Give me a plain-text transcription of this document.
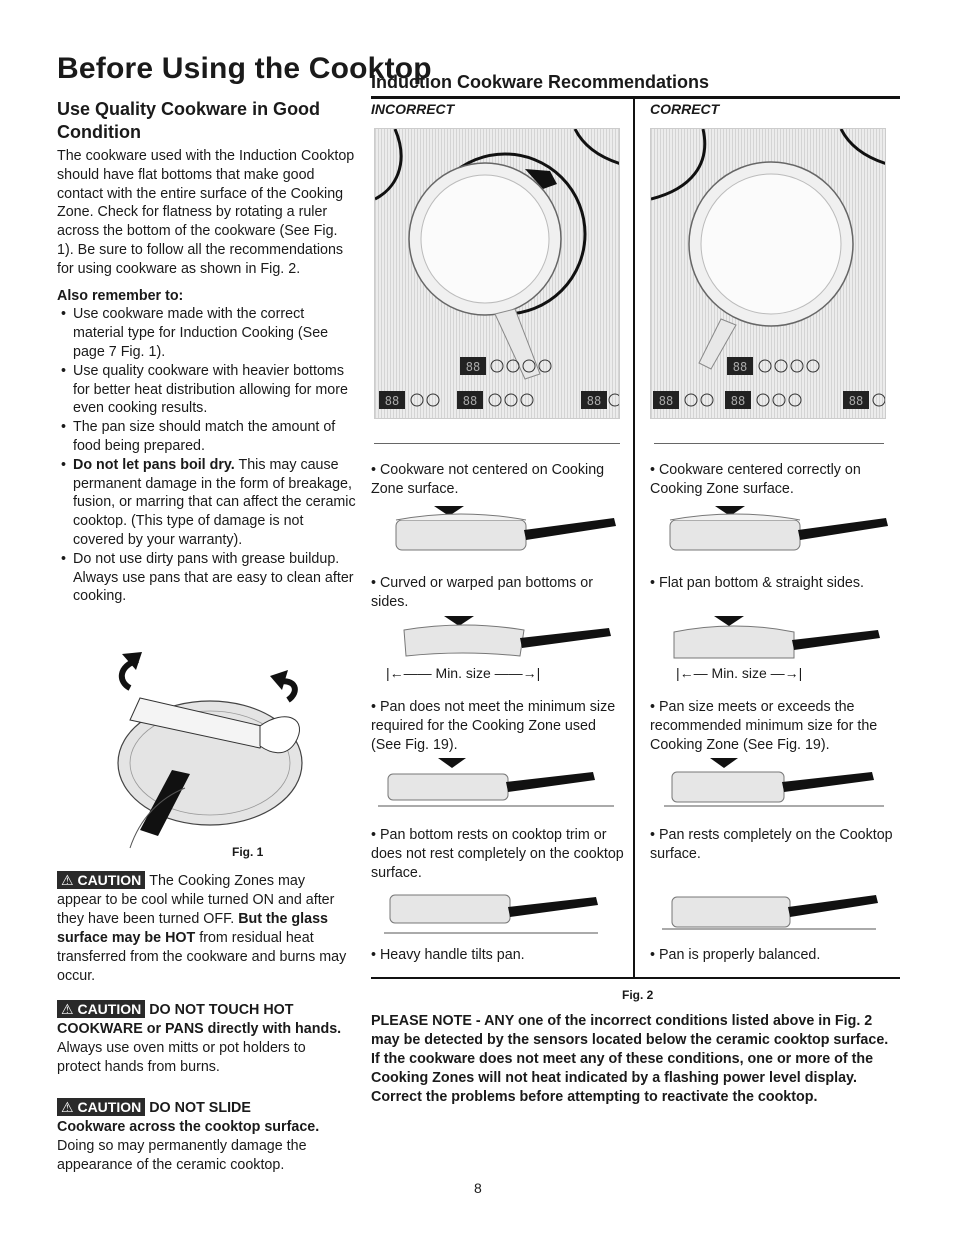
Before Using the Cooktop
Induction Cookware Recommendations
Use Quality Cookware in Good Condition

The cookware used with the Induction Cooktop should have flat bottoms that make good contact with the entire surface of the Cooking Zone. Check for flatness by rotating a ruler across the bottom of the cookware (See Fig. 1). Be sure to follow all the recommendations for using cookware as shown in Fig. 2.

Also remember to:
• Use cookware made with the correct material type for Induction Cooking (See page 7 Fig. 1).
• Use quality cookware with heavier bottoms for better heat distribution allowing for more even cooking results.
• The pan size should match the amount of food being prepared.
• Do not let pans boil dry. This may cause permanent damage in the form of breakage, fusion, or marring that can affect the ceramic cooktop. (This type of damage is not covered by your warranty).
• Do not use dirty pans with grease buildup. Always use pans that are easy to clean after cooking.
Fig. 1
⚠ CAUTION The Cooking Zones may appear to be cool while turned ON and after they have been turned OFF. But the glass surface may be HOT from residual heat transferred from the cookware and burns may occur.
⚠ CAUTION DO NOT TOUCH HOT COOKWARE or PANS directly with hands. Always use oven mitts or pot holders to protect hands from burns.
⚠ CAUTION DO NOT SLIDE
Cookware across the cooktop surface. Doing so may permanently damage the appearance of the ceramic cooktop.
INCORRECT
88
88	88	88
• Cookware not centered on Cooking Zone surface.
• Curved or warped pan bottoms or sides.
|←—— Min. size ——→|
• Pan does not meet the minimum size required for the Cooking Zone used (See Fig. 19).
• Pan bottom rests on cooktop trim or does not rest completely on the cooktop surface.
• Heavy handle tilts pan.
CORRECT
88
88	88	88
• Cookware centered correctly on Cooking Zone surface.
• Flat pan bottom & straight sides.
|←— Min. size —→|
• Pan size meets or exceeds the recommended minimum size for the Cooking Zone (See Fig. 19).
• Pan rests completely on the Cooktop surface.
• Pan is properly balanced.
Fig. 2
PLEASE NOTE - ANY one of the incorrect conditions listed above in Fig. 2 may be detected by the sensors located below the ceramic cooktop surface. If the cookware does not meet any of these conditions, one or more of the Cooking Zones will not heat indicated by a flashing power level display. Correct the problems before attempting to reactivate the cooktop.
8
